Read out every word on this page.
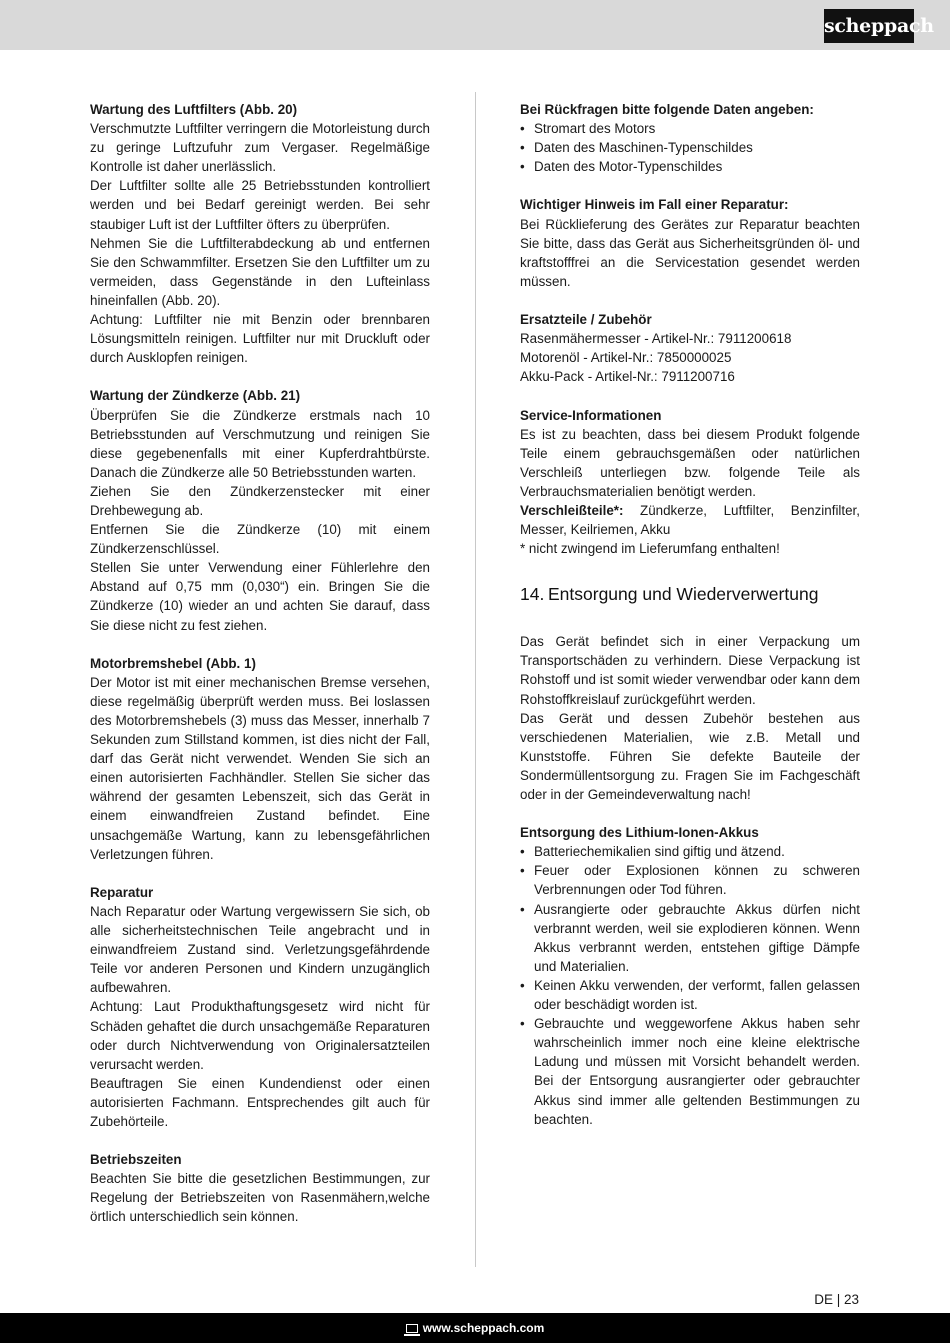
scheppach
Wartung des Luftfilters (Abb. 20)

Verschmutzte Luftfilter verringern die Motorleistung durch zu geringe Luftzufuhr zum Vergaser. Regelmäßige Kontrolle ist daher unerlässlich.

Der Luftfilter sollte alle 25 Betriebsstunden kontrolliert werden und bei Bedarf gereinigt werden. Bei sehr staubiger Luft ist der Luftfilter öfters zu überprüfen.

Nehmen Sie die Luftfilterabdeckung ab und entfernen Sie den Schwammfilter. Ersetzen Sie den Luftfilter um zu vermeiden, dass Gegenstände in den Lufteinlass hineinfallen (Abb. 20).

Achtung: Luftfilter nie mit Benzin oder brennbaren Lösungsmitteln reinigen. Luftfilter nur mit Druckluft oder durch Ausklopfen reinigen.

Wartung der Zündkerze (Abb. 21)

Überprüfen Sie die Zündkerze erstmals nach 10 Betriebsstunden auf Verschmutzung und reinigen Sie diese gegebenenfalls mit einer Kupferdrahtbürste. Danach die Zündkerze alle 50 Betriebsstunden warten.

Ziehen Sie den Zündkerzenstecker mit einer Drehbewegung ab.

Entfernen Sie die Zündkerze (10) mit einem Zündkerzenschlüssel.

Stellen Sie unter Verwendung einer Fühlerlehre den Abstand auf 0,75 mm (0,030“) ein. Bringen Sie die Zündkerze (10) wieder an und achten Sie darauf, dass Sie diese nicht zu fest ziehen.

Motorbremshebel (Abb. 1)

Der Motor ist mit einer mechanischen Bremse versehen, diese regelmäßig überprüft werden muss. Bei loslassen des Motorbremshebels (3) muss das Messer, innerhalb 7 Sekunden zum Stillstand kommen, ist dies nicht der Fall, darf das Gerät nicht verwendet. Wenden Sie sich an einen autorisierten Fachhändler. Stellen Sie sicher das während der gesamten Lebenszeit, sich das Gerät in einem einwandfreien Zustand befindet. Eine unsachgemäße Wartung, kann zu lebensgefährlichen Verletzungen führen.

Reparatur

Nach Reparatur oder Wartung vergewissern Sie sich, ob alle sicherheitstechnischen Teile angebracht und in einwandfreiem Zustand sind. Verletzungsgefährdende Teile vor anderen Personen und Kindern unzugänglich aufbewahren.

Achtung: Laut Produkthaftungsgesetz wird nicht für Schäden gehaftet die durch unsachgemäße Reparaturen oder durch Nichtverwendung von Originalersatzteilen verursacht werden.

Beauftragen Sie einen Kundendienst oder einen autorisierten Fachmann. Entsprechendes gilt auch für Zubehörteile.

Betriebszeiten

Beachten Sie bitte die gesetzlichen Bestimmungen, zur Regelung der Betriebszeiten von Rasenmähern,welche örtlich unterschiedlich sein können.

Bei Rückfragen bitte folgende Daten angeben:
• Stromart des Motors
• Daten des Maschinen-Typenschildes
• Daten des Motor-Typenschildes
Wichtiger Hinweis im Fall einer Reparatur:

Bei Rücklieferung des Gerätes zur Reparatur beachten Sie bitte, dass das Gerät aus Sicherheitsgründen öl- und kraftstofffrei an die Servicestation gesendet werden müssen.

Ersatzteile / Zubehör

Rasenmähermesser - Artikel-Nr.: 7911200618

Motorenöl - Artikel-Nr.: 7850000025

Akku-Pack - Artikel-Nr.: 7911200716

Service-Informationen

Es ist zu beachten, dass bei diesem Produkt folgende Teile einem gebrauchsgemäßen oder natürlichen Verschleiß unterliegen bzw. folgende Teile als Verbrauchsmaterialien benötigt werden.

Verschleißteile*: Zündkerze, Luftfilter, Benzinfilter, Messer, Keilriemen, Akku

* nicht zwingend im Lieferumfang enthalten!

14. Entsorgung und Wiederverwertung

Das Gerät befindet sich in einer Verpackung um Transportschäden zu verhindern. Diese Verpackung ist Rohstoff und ist somit wieder verwendbar oder kann dem Rohstoffkreislauf zurückgeführt werden.

Das Gerät und dessen Zubehör bestehen aus verschiedenen Materialien, wie z.B. Metall und Kunststoffe. Führen Sie defekte Bauteile der Sondermüllentsorgung zu. Fragen Sie im Fachgeschäft oder in der Gemeindeverwaltung nach!

Entsorgung des Lithium-Ionen-Akkus
• Batteriechemikalien sind giftig und ätzend.
• Feuer oder Explosionen können zu schweren Verbrennungen oder Tod führen.
• Ausrangierte oder gebrauchte Akkus dürfen nicht verbrannt werden, weil sie explodieren können. Wenn Akkus verbrannt werden, entstehen giftige Dämpfe und Materialien.
• Keinen Akku verwenden, der verformt, fallen gelassen oder beschädigt worden ist.
• Gebrauchte und weggeworfene Akkus haben sehr wahrscheinlich immer noch eine kleine elektrische Ladung und müssen mit Vorsicht behandelt werden. Bei der Entsorgung ausrangierter oder gebrauchter Akkus sind immer alle geltenden Bestimmungen zu beachten.
DE | 23
www.scheppach.com
